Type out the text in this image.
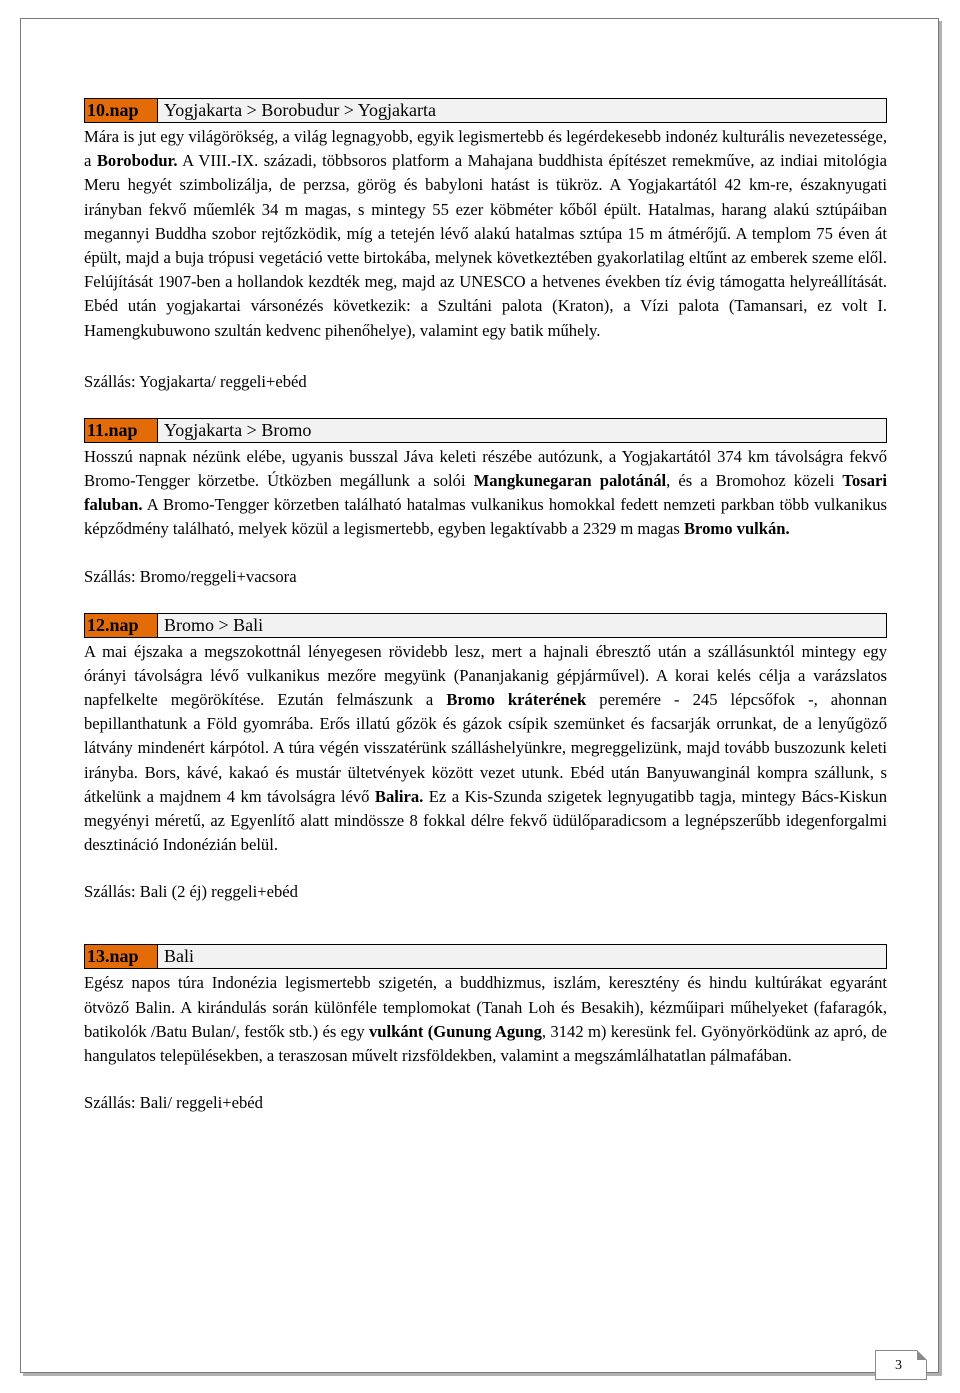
10.nap	Yogjakarta > Borobudur > Yogjakarta

Mára is jut egy világörökség, a világ legnagyobb, egyik legismertebb és legérdekesebb indonéz kulturális nevezetessége, a Borobodur. A VIII.-IX. századi, többsoros platform a Mahajana buddhista építészet remekműve, az indiai mitológia Meru hegyét szimbolizálja, de perzsa, görög és babyloni hatást is tükröz. A Yogjakartától 42 km-re, északnyugati irányban fekvő műemlék 34 m magas, s mintegy 55 ezer köbméter kőből épült. Hatalmas, harang alakú sztúpáiban megannyi Buddha szobor rejtőzködik, míg a tetején lévő alakú hatalmas sztúpa 15 m átmérőjű. A templom 75 éven át épült, majd a buja trópusi vegetáció vette birtokába, melynek következtében gyakorlatilag eltűnt az emberek szeme elől. Felújítását 1907-ben a hollandok kezdték meg, majd az UNESCO a hetvenes években tíz évig támogatta helyreállítását. Ebéd után yogjakartai vársonézés következik: a Szultáni palota (Kraton), a Vízi palota (Tamansari, ez volt I. Hamengkubuwono szultán kedvenc pihenőhelye), valamint egy batik műhely.

Szállás: Yogjakarta/ reggeli+ebéd

11.nap	Yogjakarta > Bromo

Hosszú napnak nézünk elébe, ugyanis busszal Jáva keleti részébe autózunk, a Yogjakartától 374 km távolságra fekvő Bromo-Tengger körzetbe. Útközben megállunk a solói Mangkunegaran palotánál, és a Bromohoz közeli Tosari faluban. A Bromo-Tengger körzetben található hatalmas vulkanikus homokkal fedett nemzeti parkban több vulkanikus képződmény található, melyek közül a legismertebb, egyben legaktívabb a 2329 m magas Bromo vulkán.

Szállás: Bromo/reggeli+vacsora

12.nap	Bromo > Bali

A mai éjszaka a megszokottnál lényegesen rövidebb lesz, mert a hajnali ébresztő után a szállásunktól mintegy egy órányi távolságra lévő vulkanikus mezőre megyünk (Pananjakanig gépjárművel). A korai kelés célja a varázslatos napfelkelte megörökítése. Ezután felmászunk a Bromo kráterének peremére - 245 lépcsőfok -, ahonnan bepillanthatunk a Föld gyomrába. Erős illatú gőzök és gázok csípik szemünket és facsarják orrunkat, de a lenyűgöző látvány mindenért kárpótol. A túra végén visszatérünk szálláshelyünkre, megreggelizünk, majd tovább buszozunk keleti irányba. Bors, kávé, kakaó és mustár ültetvények között vezet utunk. Ebéd után Banyuwanginál kompra szállunk, s átkelünk a majdnem 4 km távolságra lévő Balira. Ez a Kis-Szunda szigetek legnyugatibb tagja, mintegy Bács-Kiskun megyényi méretű, az Egyenlítő alatt mindössze 8 fokkal délre fekvő üdülőparadicsom a legnépszerűbb idegenforgalmi desztináció Indonézián belül.

Szállás: Bali (2 éj) reggeli+ebéd

13.nap	Bali

Egész napos túra Indonézia legismertebb szigetén, a buddhizmus, iszlám, keresztény és hindu kultúrákat egyaránt ötvöző Balin. A kirándulás során különféle templomokat (Tanah Loh és Besakih), kézműipari műhelyeket (fafaragók, batikolók /Batu Bulan/, festők stb.) és egy vulkánt (Gunung Agung, 3142 m) keresünk fel. Gyönyörködünk az apró, de hangulatos településekben, a teraszosan művelt rizsföldekben, valamint a megszámlálhatatlan pálmafában.

Szállás: Bali/ reggeli+ebéd

3
